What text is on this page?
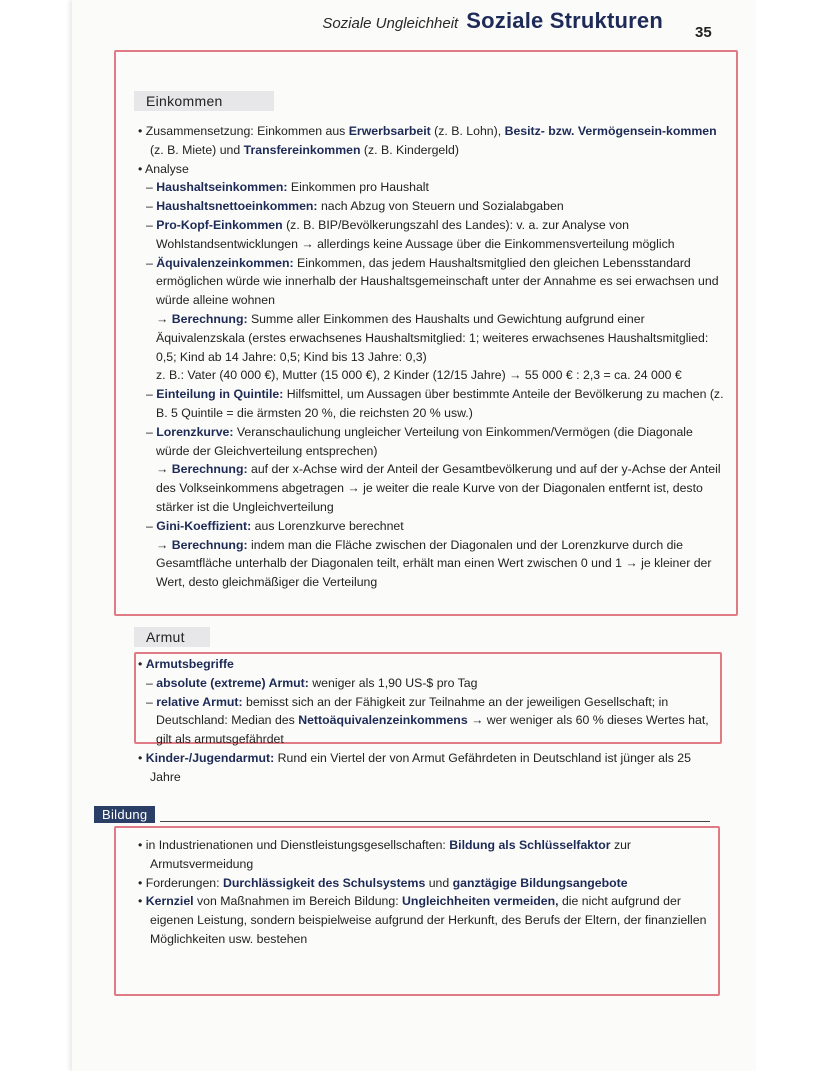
Soziale Ungleichheit Soziale Strukturen 35
Einkommen
• Zusammensetzung: Einkommen aus Erwerbsarbeit (z. B. Lohn), Besitz- bzw. Vermögensein-kommen (z. B. Miete) und Transfereinkommen (z. B. Kindergeld)
• Analyse
– Haushaltseinkommen: Einkommen pro Haushalt
– Haushaltsnettoeinkommen: nach Abzug von Steuern und Sozialabgaben
– Pro-Kopf-Einkommen (z. B. BIP/Bevölkerungszahl des Landes): v. a. zur Analyse von Wohlstandsentwicklungen → allerdings keine Aussage über die Einkommensverteilung möglich
– Äquivalenzeinkommen: Einkommen, das jedem Haushaltsmitglied den gleichen Lebensstandard ermöglichen würde wie innerhalb der Haushaltsgemeinschaft unter der Annahme es sei erwachsen und würde alleine wohnen
→ Berechnung: Summe aller Einkommen des Haushalts und Gewichtung aufgrund einer Äquivalenzskala (erstes erwachsenes Haushaltsmitglied: 1; weiteres erwachsenes Haushaltsmitglied: 0,5; Kind ab 14 Jahre: 0,5; Kind bis 13 Jahre: 0,3)
z. B.: Vater (40 000 €), Mutter (15 000 €), 2 Kinder (12/15 Jahre) → 55 000 € : 2,3 = ca. 24 000 €
– Einteilung in Quintile: Hilfsmittel, um Aussagen über bestimmte Anteile der Bevölkerung zu machen (z. B. 5 Quintile = die ärmsten 20 %, die reichsten 20 % usw.)
– Lorenzkurve: Veranschaulichung ungleicher Verteilung von Einkommen/Vermögen (die Diagonale würde der Gleichverteilung entsprechen)
→ Berechnung: auf der x-Achse wird der Anteil der Gesamtbevölkerung und auf der y-Achse der Anteil des Volkseinkommens abgetragen → je weiter die reale Kurve von der Diagonalen entfernt ist, desto stärker ist die Ungleichverteilung
– Gini-Koeffizient: aus Lorenzkurve berechnet
→ Berechnung: indem man die Fläche zwischen der Diagonalen und der Lorenzkurve durch die Gesamtfläche unterhalb der Diagonalen teilt, erhält man einen Wert zwischen 0 und 1 → je kleiner der Wert, desto gleichmäßiger die Verteilung
Armut
• Armutsbegriffe
– absolute (extreme) Armut: weniger als 1,90 US-$ pro Tag
– relative Armut: bemisst sich an der Fähigkeit zur Teilnahme an der jeweiligen Gesellschaft; in Deutschland: Median des Nettoäquivalenzeinkommens → wer weniger als 60 % dieses Wertes hat, gilt als armutsgefährdet
• Kinder-/Jugendarmut: Rund ein Viertel der von Armut Gefährdeten in Deutschland ist jünger als 25 Jahre
Bildung
• in Industrienationen und Dienstleistungsgesellschaften: Bildung als Schlüsselfaktor zur Armutsvermeidung
• Forderungen: Durchlässigkeit des Schulsystems und ganztägige Bildungsangebote
• Kernziel von Maßnahmen im Bereich Bildung: Ungleichheiten vermeiden, die nicht aufgrund der eigenen Leistung, sondern beispielweise aufgrund der Herkunft, des Berufs der Eltern, der finanziellen Möglichkeiten usw. bestehen
